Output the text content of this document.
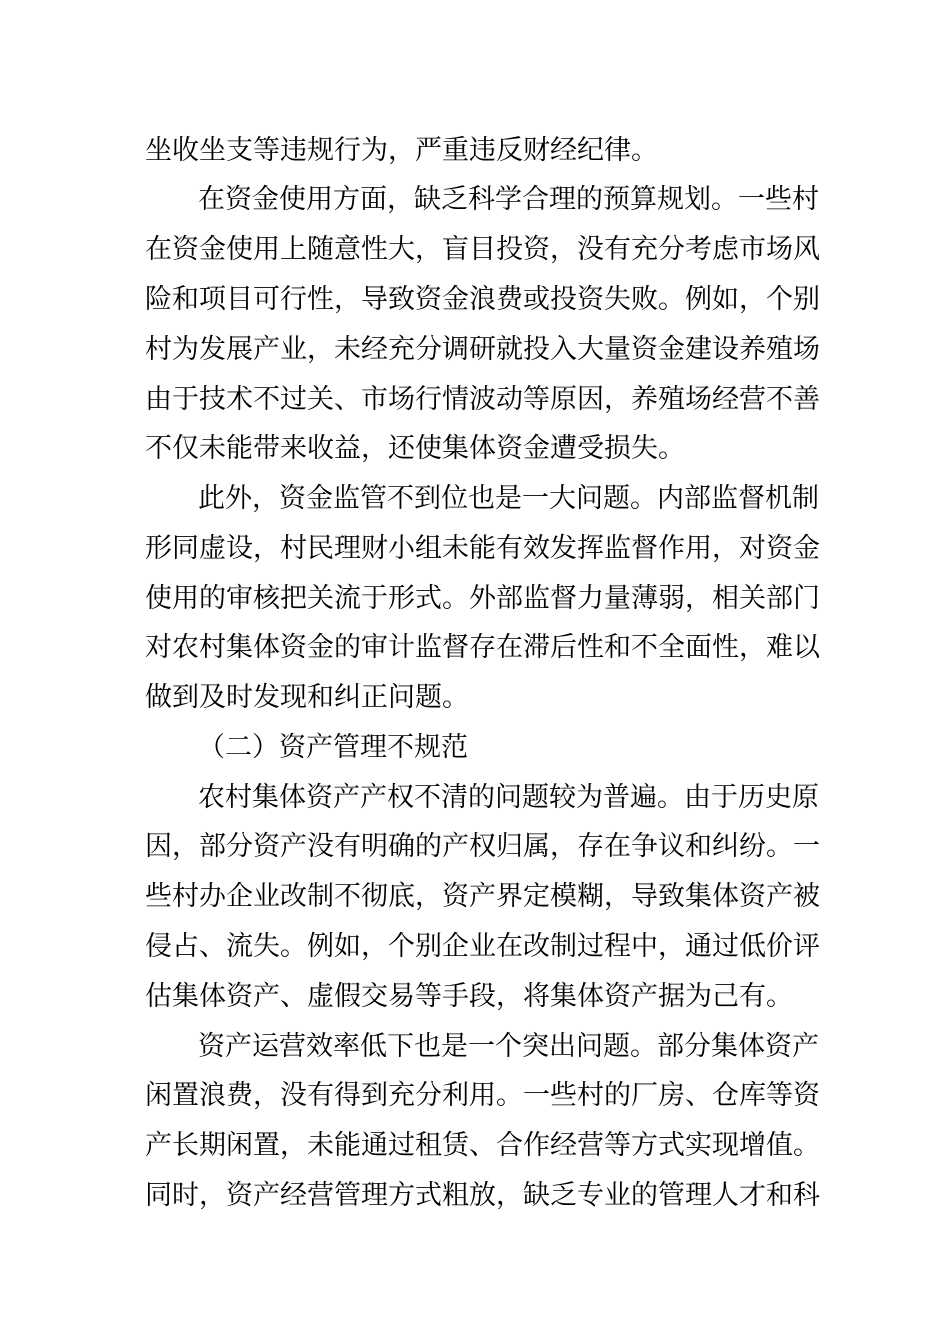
坐收坐支等违规行为，严重违反财经纪律。
在资金使用方面，缺乏科学合理的预算规划。一些村
在资金使用上随意性大，盲目投资，没有充分考虑市场风
险和项目可行性，导致资金浪费或投资失败。例如，个别
村为发展产业，未经充分调研就投入大量资金建设养殖场
由于技术不过关、市场行情波动等原因，养殖场经营不善
不仅未能带来收益，还使集体资金遭受损失。
此外，资金监管不到位也是一大问题。内部监督机制
形同虚设，村民理财小组未能有效发挥监督作用，对资金
使用的审核把关流于形式。外部监督力量薄弱，相关部门
对农村集体资金的审计监督存在滞后性和不全面性，难以
做到及时发现和纠正问题。
（二）资产管理不规范
农村集体资产产权不清的问题较为普遍。由于历史原
因，部分资产没有明确的产权归属，存在争议和纠纷。一
些村办企业改制不彻底，资产界定模糊，导致集体资产被
侵占、流失。例如，个别企业在改制过程中，通过低价评
估集体资产、虚假交易等手段，将集体资产据为己有。
资产运营效率低下也是一个突出问题。部分集体资产
闲置浪费，没有得到充分利用。一些村的厂房、仓库等资
产长期闲置，未能通过租赁、合作经营等方式实现增值。
同时，资产经营管理方式粗放，缺乏专业的管理人才和科
